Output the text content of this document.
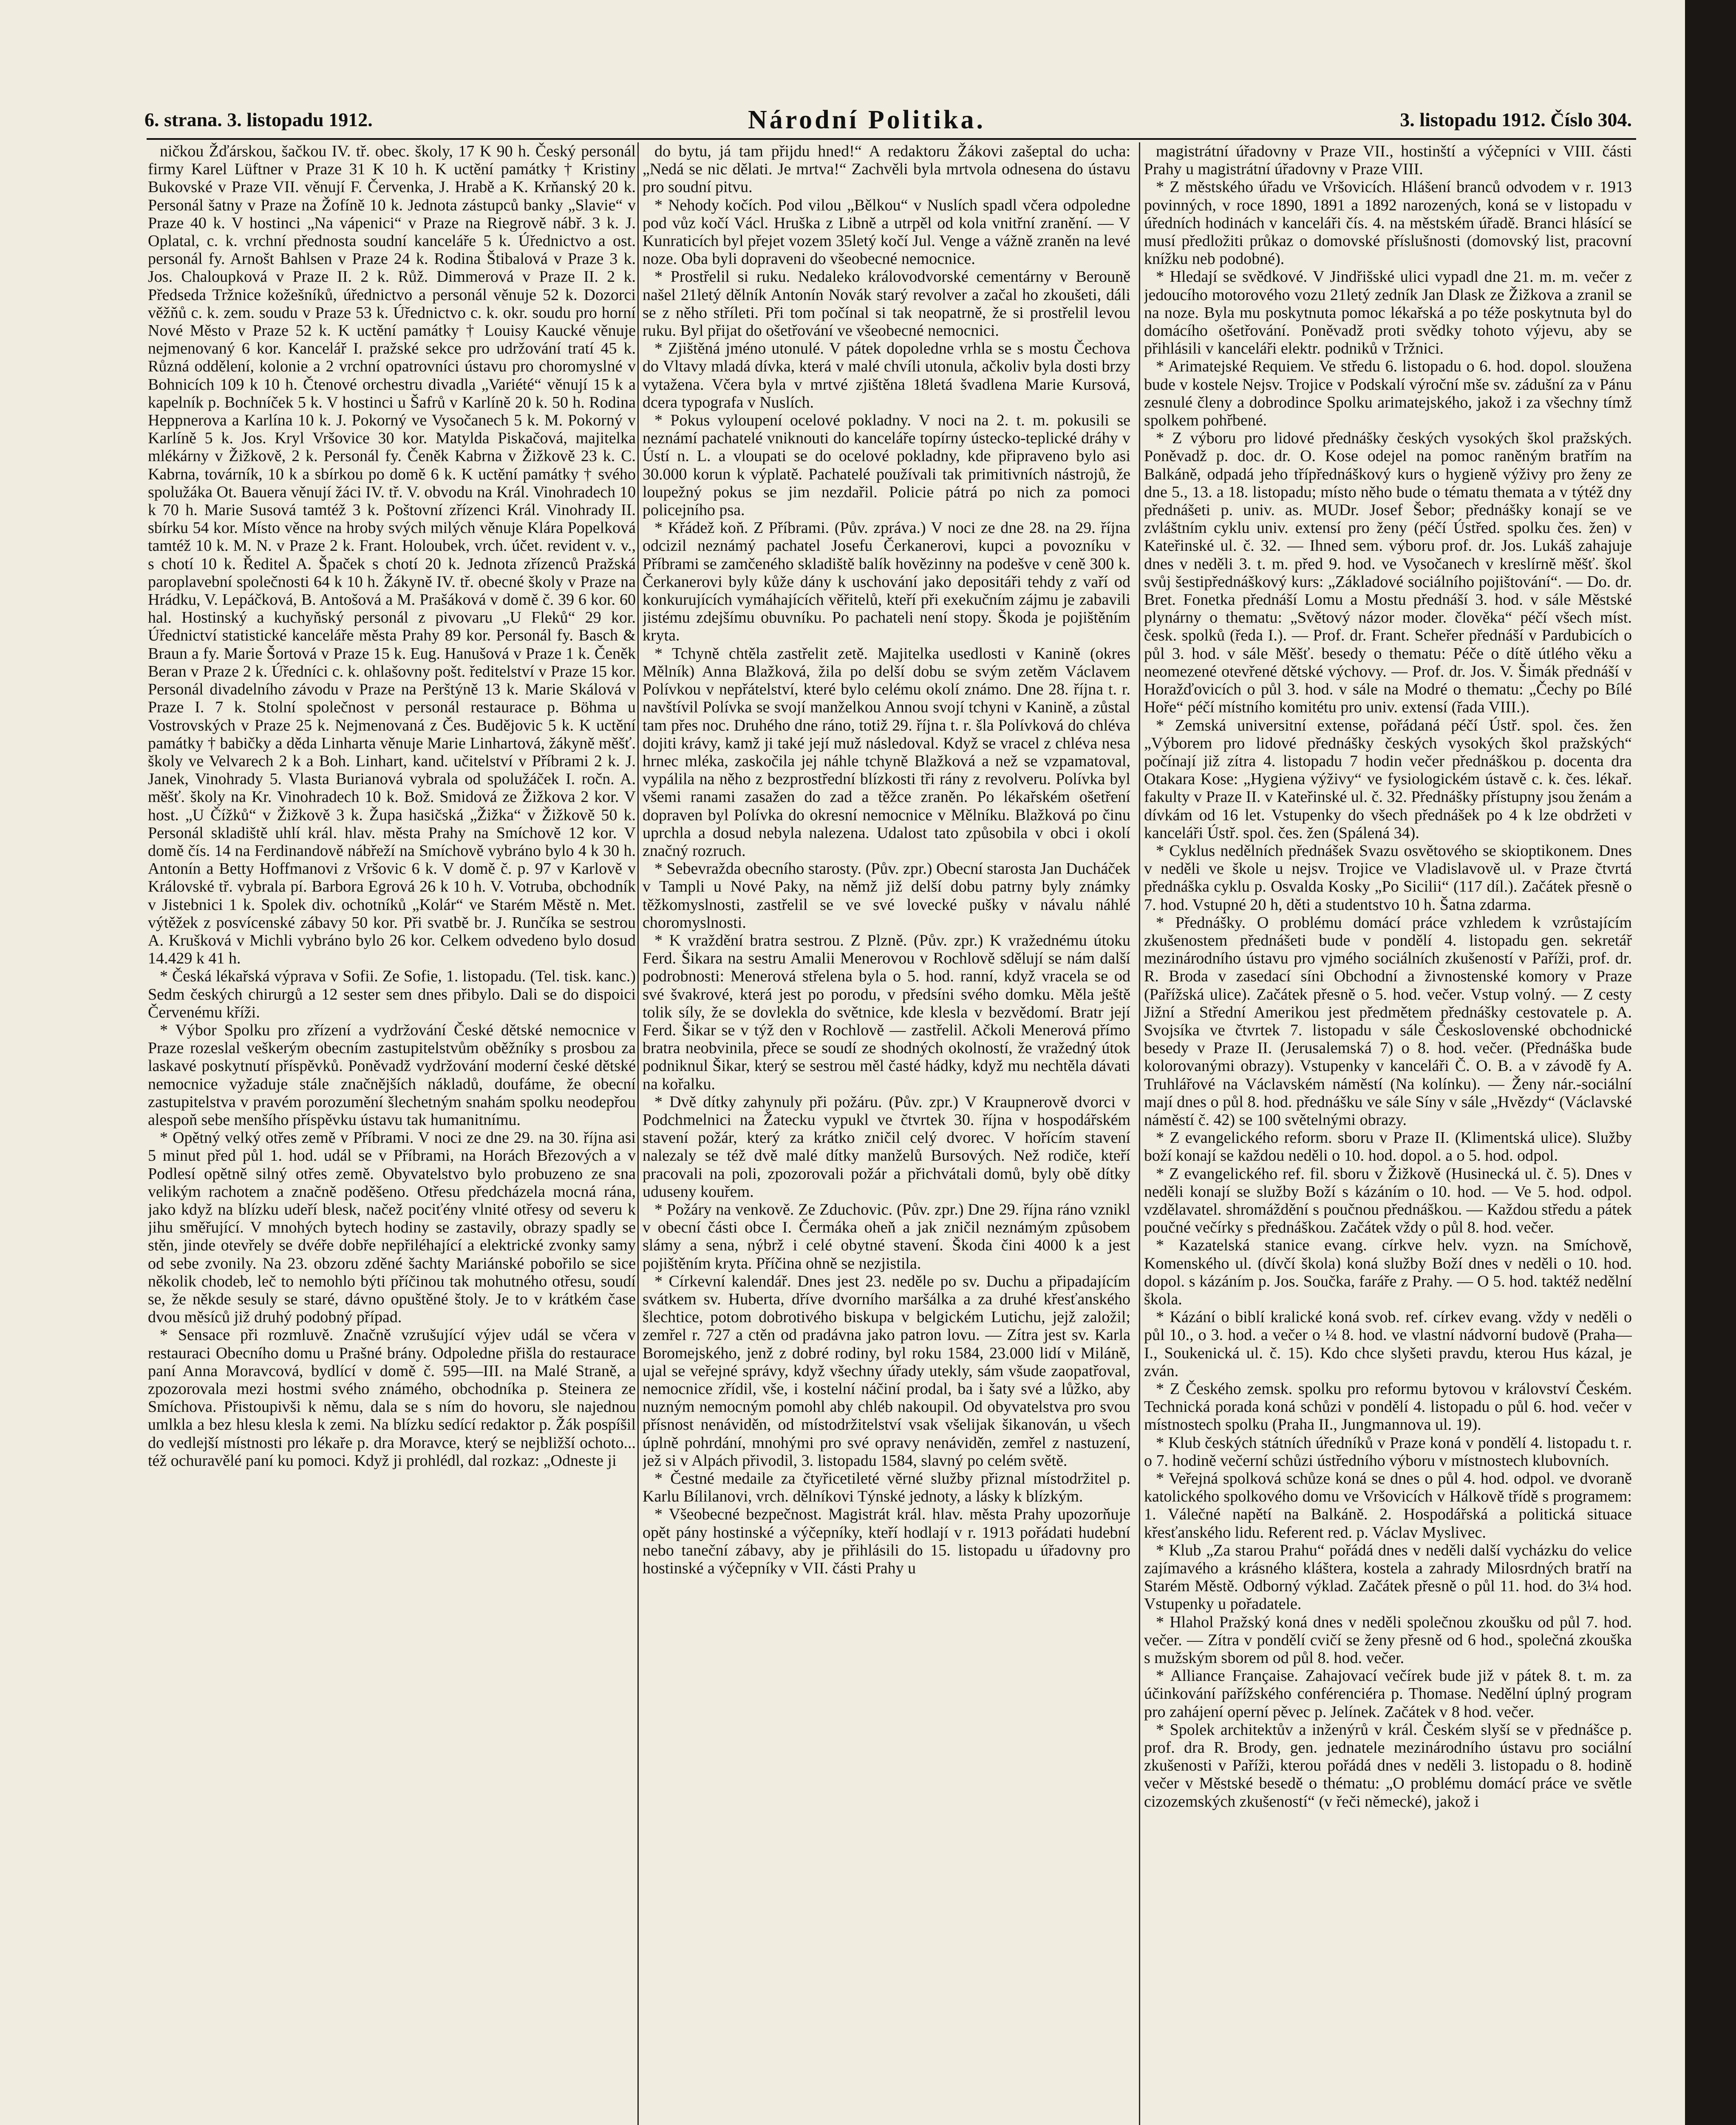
6. strana. 3. listopadu 1912.	Národní Politika.	3. listopadu 1912. Číslo 304.

ničkou Žďárskou, šačkou IV. tř. obec. školy, 17 K 90 h. Český personál firmy Karel Lüftner v Praze 31 K 10 h. K uctění památky † Kristiny Bukovské v Praze VII. věnují F. Červenka, J. Hrabě a K. Krňanský 20 k. Personál šatny v Praze na Žofíně 10 k. Jednota zástupců banky „Slavie“ v Praze 40 k. V hostinci „Na vápenici“ v Praze na Riegrově nábř. 3 k. J. Oplatal, c. k. vrchní přednosta soudní kanceláře 5 k. Úřednictvo a ost. personál fy. Arnošt Bahlsen v Praze 24 k. Rodina Štibalová v Praze 3 k. Jos. Chaloupková v Praze II. 2 k. Růž. Dimmerová v Praze II. 2 k. Předseda Tržnice kožešníků, úřednictvo a personál věnuje 52 k. Dozorci věžňů c. k. zem. soudu v Praze 53 k. Úřednictvo c. k. okr. soudu pro horní Nové Město v Praze 52 k. K uctění památky † Louisy Kaucké věnuje nejmenovaný 6 kor. Kancelář I. pražské sekce pro udržování tratí 45 k. Různá oddělení, kolonie a 2 vrchní opatrovníci ústavu pro choromyslné v Bohnicích 109 k 10 h. Čtenové orchestru divadla „Variété“ věnují 15 k a kapelník p. Bochníček 5 k. V hostinci u Šafrů v Karlíně 20 k. 50 h. Rodina Heppnerova a Karlína 10 k. J. Pokorný ve Vysočanech 5 k. M. Pokorný v Karlíně 5 k. Jos. Kryl Vršovice 30 kor. Matylda Piskačová, majitelka mlékárny v Žižkově, 2 k. Personál fy. Čeněk Kabrna v Žižkově 23 k. C. Kabrna, továrník, 10 k a sbírkou po domě 6 k. K uctění památky † svého spolužáka Ot. Bauera věnují žáci IV. tř. V. obvodu na Král. Vinohradech 10 k 70 h. Marie Susová tamtéž 3 k. Poštovní zřízenci Král. Vinohrady II. sbírku 54 kor. Místo věnce na hroby svých milých věnuje Klára Popelková tamtéž 10 k. M. N. v Praze 2 k. Frant. Holoubek, vrch. účet. revident v. v., s chotí 10 k. Ředitel A. Špaček s chotí 20 k. Jednota zřízenců Pražská paroplavební společnosti 64 k 10 h. Žákyně IV. tř. obecné školy v Praze na Hrádku, V. Lepáčková, B. Antošová a M. Prašáková v domě č. 39 6 kor. 60 hal. Hostinský a kuchyňský personál z pivovaru „U Fleků“ 29 kor. Úřednictví statistické kanceláře města Prahy 89 kor. Personál fy. Basch & Braun a fy. Marie Šortová v Praze 15 k. Eug. Hanušová v Praze 1 k. Čeněk Beran v Praze 2 k. Úředníci c. k. ohlašovny pošt. ředitelství v Praze 15 kor. Personál divadelního závodu v Praze na Perštýně 13 k. Marie Skálová v Praze I. 7 k. Stolní společnost v personál restaurace p. Böhma u Vostrovských v Praze 25 k. Nejmenovaná z Čes. Budějovic 5 k. K uctění památky † babičky a děda Linharta věnuje Marie Linhartová, žákyně měšť. školy ve Velvarech 2 k a Boh. Linhart, kand. učitelství v Příbrami 2 k. J. Janek, Vinohrady 5. Vlasta Burianová vybrala od spolužáček I. ročn. A. měšť. školy na Kr. Vinohradech 10 k. Bož. Smidová ze Žižkova 2 kor. V host. „U Čížků“ v Žižkově 3 k. Župa hasičská „Žižka“ v Žižkově 50 k. Personál skladiště uhlí král. hlav. města Prahy na Smíchově 12 kor. V domě čís. 14 na Ferdinandově nábřeží na Smíchově vybráno bylo 4 k 30 h. Antonín a Betty Hoffmanovi z Vršovic 6 k. V domě č. p. 97 v Karlově v Královské tř. vybrala pí. Barbora Egrová 26 k 10 h. V. Votruba, obchodník v Jistebnici 1 k. Spolek div. ochotníků „Kolár“ ve Starém Městě n. Met. výtěžek z posvícenské zábavy 50 kor. Při svatbě br. J. Runčíka se sestrou A. Krušková v Michli vybráno bylo 26 kor. Celkem odvedeno bylo dosud 14.429 k 41 h.

* Česká lékařská výprava v Sofii. Ze Sofie, 1. listopadu. (Tel. tisk. kanc.) Sedm českých chirurgů a 12 sester sem dnes přibylo. Dali se do dispoici Červenému kříži.

* Výbor Spolku pro zřízení a vydržování České dětské nemocnice v Praze rozeslal veškerým obecním zastupitelstvům oběžníky s prosbou za laskavé poskytnutí příspěvků. Poněvadž vydržování moderní české dětské nemocnice vyžaduje stále značnějších nákladů, doufáme, že obecní zastupitelstva v pravém porozumění šlechetným snahám spolku neodepřou alespoň sebe menšího příspěvku ústavu tak humanitnímu.

* Opětný velký otřes země v Příbrami. V noci ze dne 29. na 30. října asi 5 minut před půl 1. hod. udál se v Příbrami, na Horách Březových a v Podlesí opětně silný otřes země. Obyvatelstvo bylo probuzeno ze sna velikým rachotem a značně poděšeno. Otřesu předcházela mocná rána, jako když na blízku udeří blesk, načež pociťény vlnité otřesy od severu k jihu směřující. V mnohých bytech hodiny se zastavily, obrazy spadly se stěn, jinde otevřely se dvéře dobře nepřiléhající a elektrické zvonky samy od sebe zvonily. Na 23. obzoru zděné šachty Mariánské pobořilo se sice několik chodeb, leč to nemohlo býti příčinou tak mohutného otřesu, soudí se, že někde sesuly se staré, dávno opuštěné štoly. Je to v krátkém čase dvou měsíců již druhý podobný případ.

* Sensace při rozmluvě. Značně vzrušující výjev udál se včera v restauraci Obecního domu u Prašné brány. Odpoledne přišla do restaurace paní Anna Moravcová, bydlící v domě č. 595—III. na Malé Straně, a zpozorovala mezi hostmi svého známého, obchodníka p. Steinera ze Smíchova. Přistoupivši k němu, dala se s ním do hovoru, sle najednou umlkla a bez hlesu klesla k zemi. Na blízku sedící redaktor p. Žák pospíšil do vedlejší místnosti pro lékaře p. dra Moravce, který se nejbližší ochoto... též ochuravělé paní ku pomoci. Když ji prohlédl, dal rozkaz: „Odneste ji

do bytu, já tam přijdu hned!“ A redaktoru Žákovi zašeptal do ucha: „Nedá se nic dělati. Je mrtva!“ Zachvěli byla mrtvola odnesena do ústavu pro soudní pitvu.

* Nehody kočích. Pod vilou „Bělkou“ v Nuslích spadl včera odpoledne pod vůz kočí Václ. Hruška z Libně a utrpěl od kola vnitřní zranění. — V Kunraticích byl přejet vozem 35letý kočí Jul. Venge a vážně zraněn na levé noze. Oba byli dopraveni do všeobecné nemocnice.

* Prostřelil si ruku. Nedaleko královodvorské cementárny v Berouně našel 21letý dělník Antonín Novák starý revolver a začal ho zkoušeti, dáli se z něho stříleti. Při tom počínal si tak neopatrně, že si prostřelil levou ruku. Byl přijat do ošetřování ve všeobecné nemocnici.

* Zjištěná jméno utonulé. V pátek dopoledne vrhla se s mostu Čechova do Vltavy mladá dívka, která v malé chvíli utonula, ačkoliv byla dosti brzy vytažena. Včera byla v mrtvé zjištěna 18letá švadlena Marie Kursová, dcera typografa v Nuslích.

* Pokus vyloupení ocelové pokladny. V noci na 2. t. m. pokusili se neznámí pachatelé vniknouti do kanceláře topírny ústecko-teplické dráhy v Ústí n. L. a vloupati se do ocelové pokladny, kde připraveno bylo asi 30.000 korun k výplatě. Pachatelé používali tak primitivních nástrojů, že loupežný pokus se jim nezdařil. Policie pátrá po nich za pomoci policejního psa.

* Křádež koň. Z Příbrami. (Pův. zpráva.) V noci ze dne 28. na 29. října odcizil neznámý pachatel Josefu Čerkanerovi, kupci a povozníku v Příbrami se zamčeného skladiště balík hovězinny na podešve v ceně 300 k. Čerkanerovi byly kůže dány k uschování jako depositáři tehdy z vaří od konkurujících vymáhajících věřitelů, kteří při exekučním zájmu je zabavili jistému zdejšímu obuvníku. Po pachateli není stopy. Škoda je pojištěním kryta.

* Tchyně chtěla zastřelit zetě. Majitelka usedlosti v Kanině (okres Mělník) Anna Blažková, žila po delší dobu se svým zetěm Václavem Polívkou v nepřátelství, které bylo celému okolí známo. Dne 28. října t. r. navštívil Polívka se svojí manželkou Annou svojí tchyni v Kanině, a zůstal tam přes noc. Druhého dne ráno, totiž 29. října t. r. šla Polívková do chléva dojiti krávy, kamž ji také její muž následoval. Když se vracel z chléva nesa hrnec mléka, zaskočila jej náhle tchyně Blažková a než se vzpamatoval, vypálila na něho z bezprostřední blízkosti tři rány z revolveru. Polívka byl všemi ranami zasažen do zad a těžce zraněn. Po lékařském ošetření dopraven byl Polívka do okresní nemocnice v Mělníku. Blažková po činu uprchla a dosud nebyla nalezena. Udalost tato způsobila v obci i okolí značný rozruch.

* Sebevražda obecního starosty. (Pův. zpr.) Obecní starosta Jan Ducháček v Tampli u Nové Paky, na němž již delší dobu patrny byly známky těžkomyslnosti, zastřelil se ve své lovecké pušky v návalu náhlé choromyslnosti.

* K vraždění bratra sestrou. Z Plzně. (Pův. zpr.) K vražednému útoku Ferd. Šikara na sestru Amalii Menerovou v Rochlově sdělují se nám další podrobnosti: Menerová střelena byla o 5. hod. ranní, když vracela se od své švakrové, která jest po porodu, v předsíni svého domku. Měla ještě tolik síly, že se dovlekla do světnice, kde klesla v bezvědomí. Bratr její Ferd. Šikar se v týž den v Rochlově — zastřelil. Ačkoli Menerová přímo bratra neobvinila, přece se soudí ze shodných okolností, že vražedný útok podniknul Šikar, který se sestrou měl časté hádky, když mu nechtěla dávati na kořalku.

* Dvě dítky zahynuly při požáru. (Pův. zpr.) V Kraupnerově dvorci v Podchmelnici na Žatecku vypukl ve čtvrtek 30. října v hospodářském stavení požár, který za krátko zničil celý dvorec. V hořícím stavení nalezaly se též dvě malé dítky manželů Bursových. Než rodiče, kteří pracovali na poli, zpozorovali požár a přichvátali domů, byly obě dítky uduseny kouřem.

* Požáry na venkově. Ze Zduchovic. (Pův. zpr.) Dne 29. října ráno vznikl v obecní části obce I. Čermáka oheň a jak zničil neznámým způsobem slámy a sena, nýbrž i celé obytné stavení. Škoda čini 4000 k a jest pojištěním kryta. Příčina ohně se nezjistila.

* Církevní kalendář. Dnes jest 23. neděle po sv. Duchu a připadajícím svátkem sv. Huberta, dříve dvorního maršálka a za druhé křesťanského šlechtice, potom dobrotivého biskupa v belgickém Lutichu, jejž založil; zemřel r. 727 a ctěn od pradávna jako patron lovu. — Zítra jest sv. Karla Boromejského, jenž z dobré rodiny, byl roku 1584, 23.000 lidí v Miláně, ujal se veřejné správy, když všechny úřady utekly, sám všude zaopatřoval, nemocnice zřídil, vše, i kostelní náčiní prodal, ba i šaty své a lůžko, aby nuzným nemocným pomohl aby chléb nakoupil. Od obyvatelstva pro svou přísnost nenáviděn, od místodržitelství vsak všelijak šikanován, u všech úplně pohrdání, mnohými pro své opravy nenáviděn, zemřel z nastuzení, jež si v Alpách přivodil, 3. listopadu 1584, slavný po celém světě.

* Čestné medaile za čtyřicetileté věrné služby přiznal místodržitel p. Karlu Bílilanovi, vrch. dělníkovi Týnské jednoty, a lásky k blízkým.

* Všeobecné bezpečnost. Magistrát král. hlav. města Prahy upozorňuje opět pány hostinské a výčepníky, kteří hodlají v r. 1913 pořádati hudební nebo taneční zábavy, aby je přihlásili do 15. listopadu u úřadovny pro hostinské a výčepníky v VII. části Prahy u

magistrátní úřadovny v Praze VII., hostinští a výčepníci v VIII. části Prahy u magistrátní úřadovny v Praze VIII.

* Z městského úřadu ve Vršovicích. Hlášení branců odvodem v r. 1913 povinných, v roce 1890, 1891 a 1892 narozených, koná se v listopadu v úředních hodinách v kanceláři čís. 4. na městském úřadě. Branci hlásící se musí předložiti průkaz o domovské příslušnosti (domovský list, pracovní knížku neb podobné).

* Hledají se svědkové. V Jindřišské ulici vypadl dne 21. m. m. večer z jedoucího motorového vozu 21letý zedník Jan Dlask ze Žižkova a zranil se na noze. Byla mu poskytnuta pomoc lékařská a po téže poskytnuta byl do domácího ošetřování. Poněvadž proti svědky tohoto výjevu, aby se přihlásili v kanceláři elektr. podniků v Tržnici.

* Arimatejské Requiem. Ve středu 6. listopadu o 6. hod. dopol. sloužena bude v kostele Nejsv. Trojice v Podskalí výroční mše sv. zádušní za v Pánu zesnulé členy a dobrodince Spolku arimatejského, jakož i za všechny tímž spolkem pohřbené.

* Z výboru pro lidové přednášky českých vysokých škol pražských. Poněvadž p. doc. dr. O. Kose odejel na pomoc raněným bratřím na Balkáně, odpadá jeho třípřednáškový kurs o hygieně výživy pro ženy ze dne 5., 13. a 18. listopadu; místo něho bude o tématu themata a v týtéž dny přednášeti p. univ. as. MUDr. Josef Šebor; přednášky konají se ve zvláštním cyklu univ. extensí pro ženy (péčí Ústřed. spolku čes. žen) v Kateřinské ul. č. 32. — Ihned sem. výboru prof. dr. Jos. Lukáš zahajuje dnes v neděli 3. t. m. před 9. hod. ve Vysočanech v kreslírně měšť. škol svůj šestipřednáškový kurs: „Základové sociálního pojištování“. — Do. dr. Bret. Fonetka přednáší Lomu a Mostu přednáší 3. hod. v sále Městské plynárny o thematu: „Světový názor moder. člověka“ péčí všech míst. česk. spolků (ředa I.). — Prof. dr. Frant. Scheřer přednáší v Pardubicích o půl 3. hod. v sále Měšť. besedy o thematu: Péče o dítě útlého věku a neomezené otevřené dětské výchovy. — Prof. dr. Jos. V. Šimák přednáší v Horažďovicích o půl 3. hod. v sále na Modré o thematu: „Čechy po Bílé Hoře“ péčí místního komitétu pro univ. extensí (řada VIII.).

* Zemská universitní extense, pořádaná péčí Ústř. spol. čes. žen „Výborem pro lidové přednášky českých vysokých škol pražských“ počínají již zítra 4. listopadu 7 hodin večer přednáškou p. docenta dra Otakara Kose: „Hygiena výživy“ ve fysiologickém ústavě c. k. čes. lékař. fakulty v Praze II. v Kateřinské ul. č. 32. Přednášky přístupny jsou ženám a dívkám od 16 let. Vstupenky do všech přednášek po 4 k lze obdržeti v kanceláři Ústř. spol. čes. žen (Spálená 34).

* Cyklus nedělních přednášek Svazu osvětového se skioptikonem. Dnes v neděli ve škole u nejsv. Trojice ve Vladislavově ul. v Praze čtvrtá přednáška cyklu p. Osvalda Kosky „Po Sicilii“ (117 díl.). Začátek přesně o 7. hod. Vstupné 20 h, děti a studentstvo 10 h. Šatna zdarma.

* Přednášky. O problému domácí práce vzhledem k vzrůstajícím zkušenostem přednášeti bude v pondělí 4. listopadu gen. sekretář mezinárodního ústavu pro vjmého sociálních zkušeností v Paříži, prof. dr. R. Broda v zasedací síni Obchodní a živnostenské komory v Praze (Pařížská ulice). Začátek přesně o 5. hod. večer. Vstup volný. — Z cesty Jižní a Střední Amerikou jest předmětem přednášky cestovatele p. A. Svojsíka ve čtvrtek 7. listopadu v sále Československé obchodnické besedy v Praze II. (Jerusalemská 7) o 8. hod. večer. (Přednáška bude kolorovanými obrazy). Vstupenky v kanceláři Č. O. B. a v závodě fy A. Truhlářové na Václavském náměstí (Na kolínku). — Ženy nár.-sociální mají dnes o půl 8. hod. přednášku ve sále Síny v sále „Hvězdy“ (Václavské náměstí č. 42) se 100 světelnými obrazy.

* Z evangelického reform. sboru v Praze II. (Klimentská ulice). Služby boží konají se každou neděli o 10. hod. dopol. a o 5. hod. odpol.

* Z evangelického ref. fil. sboru v Žižkově (Husinecká ul. č. 5). Dnes v neděli konají se služby Boží s kázáním o 10. hod. — Ve 5. hod. odpol. vzdělavatel. shromáždění s poučnou přednáškou. — Každou středu a pátek poučné večírky s přednáškou. Začátek vždy o půl 8. hod. večer.

* Kazatelská stanice evang. církve helv. vyzn. na Smíchově, Komenského ul. (dívčí škola) koná služby Boží dnes v neděli o 10. hod. dopol. s kázáním p. Jos. Součka, faráře z Prahy. — O 5. hod. taktéž nedělní škola.

* Kázání o biblí kralické koná svob. ref. církev evang. vždy v neděli o půl 10., o 3. hod. a večer o ¼ 8. hod. ve vlastní nádvorní budově (Praha—I., Soukenická ul. č. 15). Kdo chce slyšeti pravdu, kterou Hus kázal, je zván.

* Z Českého zemsk. spolku pro reformu bytovou v království Českém. Technická porada koná schůzi v pondělí 4. listopadu o půl 6. hod. večer v místnostech spolku (Praha II., Jungmannova ul. 19).

* Klub českých státních úředníků v Praze koná v pondělí 4. listopadu t. r. o 7. hodině večerní schůzi ústředního výboru v místnostech klubovních.

* Veřejná spolková schůze koná se dnes o půl 4. hod. odpol. ve dvoraně katolického spolkového domu ve Vršovicích v Hálkově třídě s programem: 1. Válečné napětí na Balkáně. 2. Hospodářská a politická situace křesťanského lidu. Referent red. p. Václav Myslivec.

* Klub „Za starou Prahu“ pořádá dnes v neděli další vycházku do velice zajímavého a krásného kláštera, kostela a zahrady Milosrdných bratří na Starém Městě. Odborný výklad. Začátek přesně o půl 11. hod. do 3¼ hod. Vstupenky u pořadatele.

* Hlahol Pražský koná dnes v neděli společnou zkoušku od půl 7. hod. večer. — Zítra v pondělí cvičí se ženy přesně od 6 hod., společná zkouška s mužským sborem od půl 8. hod. večer.

* Alliance Française. Zahajovací večírek bude již v pátek 8. t. m. za účinkování pařížského conférenciéra p. Thomase. Nedělní úplný program pro zahájení operní pěvec p. Jelínek. Začátek v 8 hod. večer.

* Spolek architektův a inženýrů v král. Českém slyší se v přednášce p. prof. dra R. Brody, gen. jednatele mezinárodního ústavu pro sociální zkušenosti v Paříži, kterou pořádá dnes v neděli 3. listopadu o 8. hodině večer v Městské besedě o thématu: „O problému domácí práce ve světle cizozemských zkušeností“ (v řeči německé), jakož i
